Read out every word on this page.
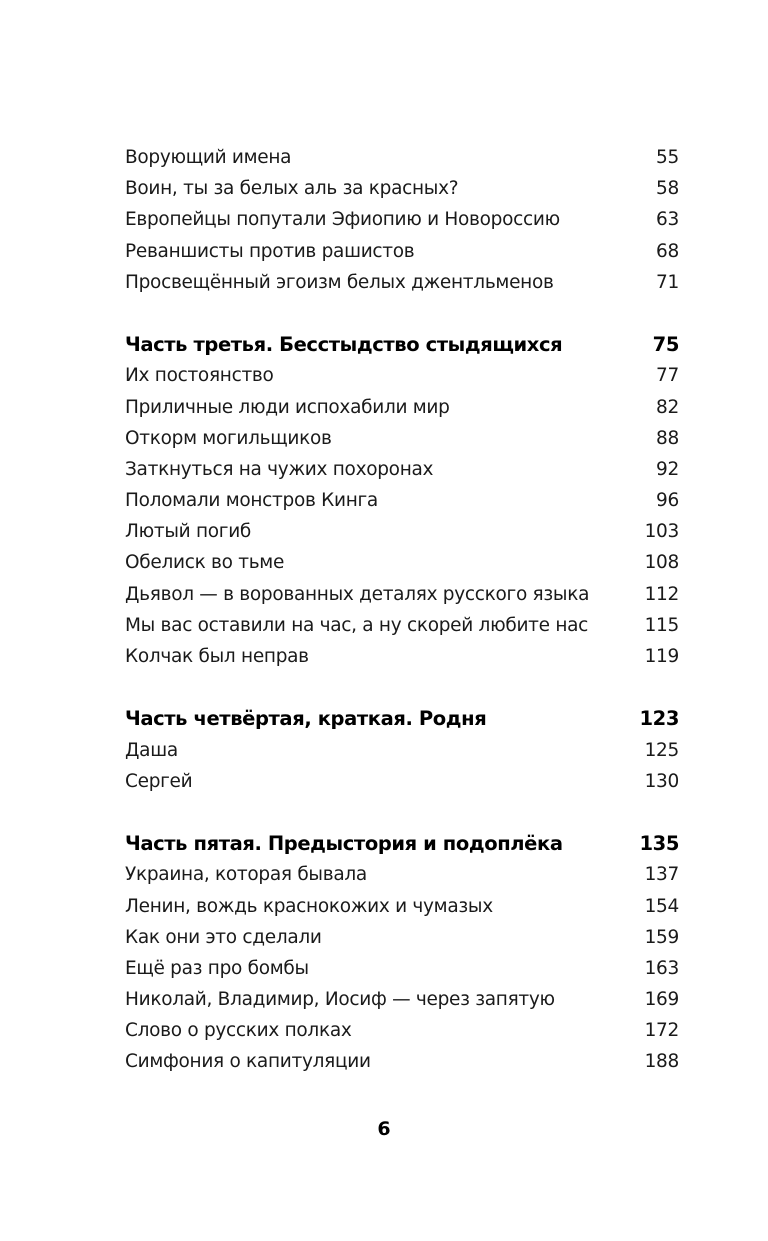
Ворующий имена	55
Воин, ты за белых аль за красных?	58
Европейцы попутали Эфиопию и Новороссию	63
Реваншисты против рашистов	68
Просвещённый эгоизм белых джентльменов	71
Часть третья. Бесстыдство стыдящихся	75
Их постоянство	77
Приличные люди испохабили мир	82
Откорм могильщиков	88
Заткнуться на чужих похоронах	92
Поломали монстров Кинга	96
Лютый погиб	103
Обелиск во тьме	108
Дьявол — в ворованных деталях русского языка	112
Мы вас оставили на час, а ну скорей любите нас	115
Колчак был неправ	119
Часть четвёртая, краткая. Родня	123
Даша	125
Сергей	130
Часть пятая. Предыстория и подоплёка	135
Украина, которая бывала	137
Ленин, вождь краснокожих и чумазых	154
Как они это сделали	159
Ещё раз про бомбы	163
Николай, Владимир, Иосиф — через запятую	169
Слово о русских полках	172
Симфония о капитуляции	188
6
